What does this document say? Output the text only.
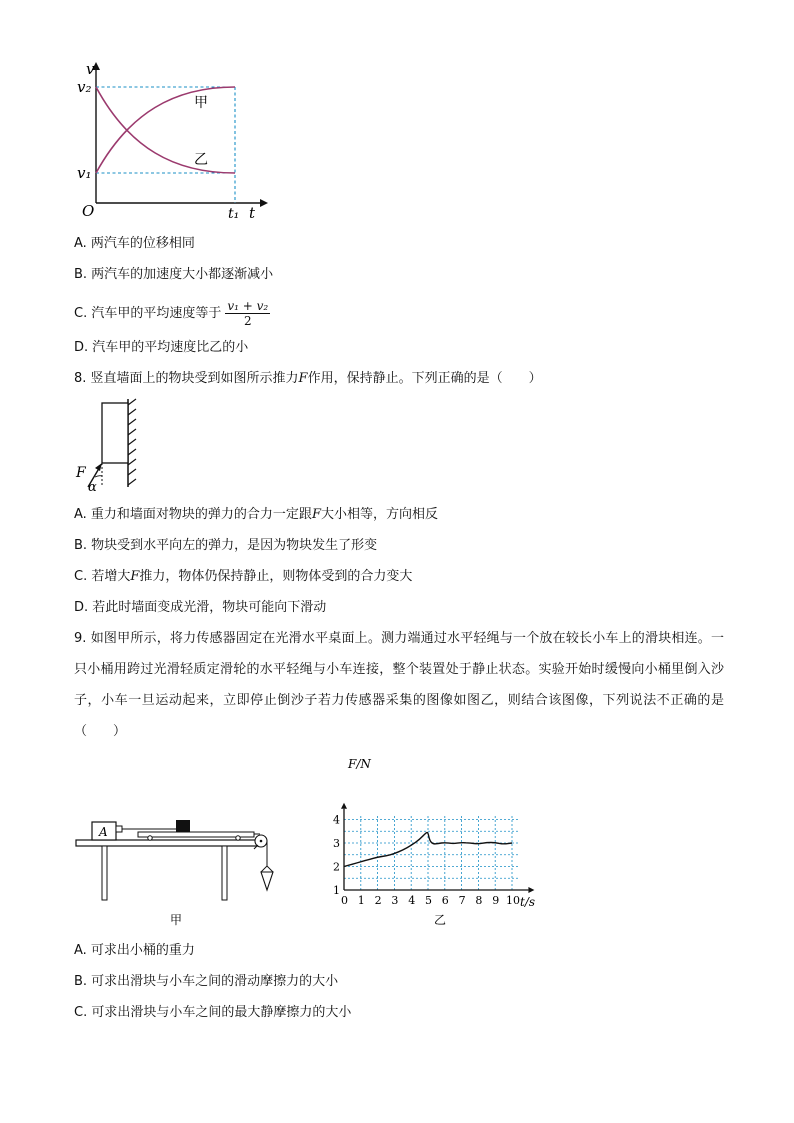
v
v₂
v₁
O	t₁ t
甲
乙
A. 两汽车的位移相同
B. 两汽车的加速度大小都逐渐减小
C. 汽车甲的平均速度等于 $\frac{\text{v₁ + v₂}}{2}$
D. 汽车甲的平均速度比乙的小
8. 竖直墙面上的物块受到如图所示推力F作用，保持静止。下列正确的是（　　）
F
α
A. 重力和墙面对物块的弹力的合力一定跟F大小相等，方向相反
B. 物块受到水平向左的弹力，是因为物块发生了形变
C. 若增大F推力，物体仍保持静止，则物体受到的合力变大
D. 若此时墙面变成光滑，物块可能向下滑动
9. 如图甲所示，将力传感器固定在光滑水平桌面上。测力端通过水平轻绳与一个放在较长小车上的滑块相连。一只小桶用跨过光滑轻质定滑轮的水平轻绳与小车连接，整个装置处于静止状态。实验开始时缓慢向小桶里倒入沙子，小车一旦运动起来，立即停止倒沙子若力传感器采集的图像如图乙，则结合该图像，下列说法不正确的是（　　）
A
甲
0 1 2 3 4 5 6 7 8 9 10
1
2
3
4
F/N
t/s
乙
A. 可求出小桶的重力
B. 可求出滑块与小车之间的滑动摩擦力的大小
C. 可求出滑块与小车之间的最大静摩擦力的大小
